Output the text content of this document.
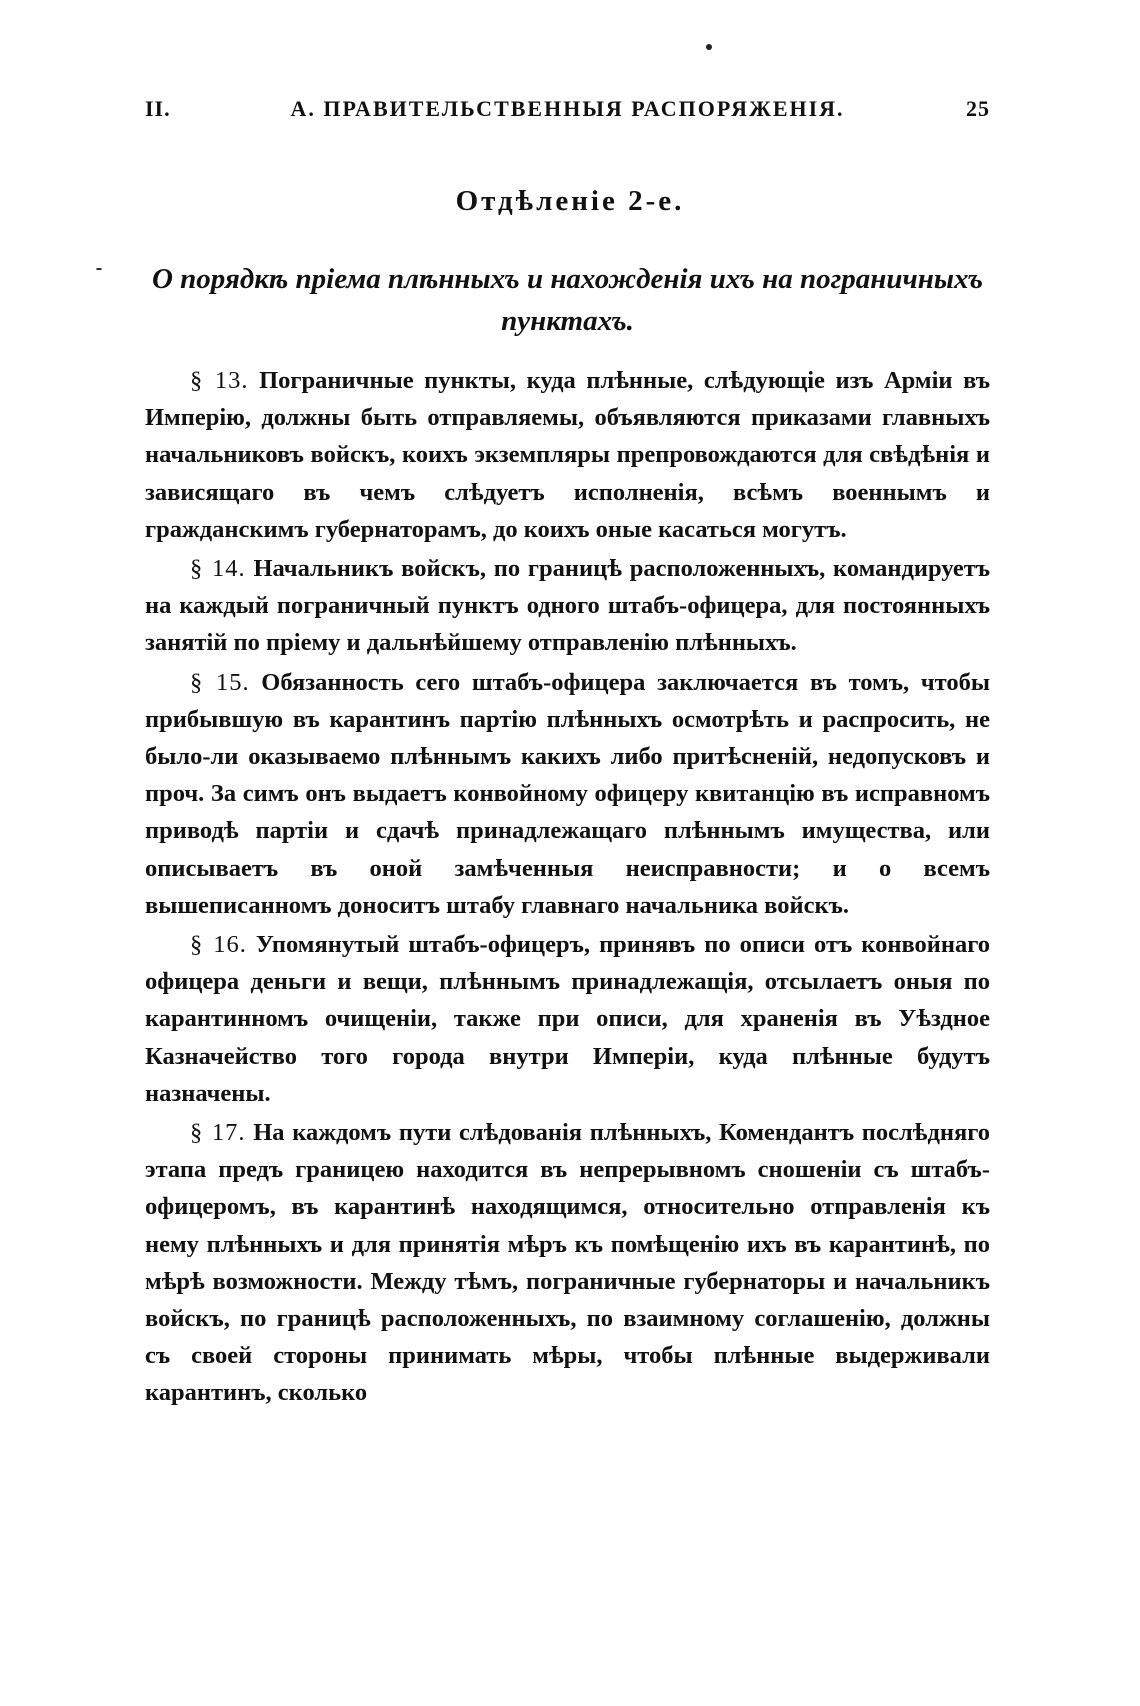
II.	А. ПРАВИТЕЛЬСТВЕННЫЯ РАСПОРЯЖЕНІЯ.	25
Отдѣленіе 2-е.
О порядкѣ пріема плѣнныхъ и нахожденія ихъ на пограничныхъ пунктахъ.

§ 13. Пограничные пункты, куда плѣнные, слѣдующіе изъ Арміи въ Имперію, должны быть отправляемы, объявляются приказами главныхъ начальниковъ войскъ, коихъ экземпляры препровождаются для свѣдѣнія и зависящаго въ чемъ слѣдуетъ исполненія, всѣмъ военнымъ и гражданскимъ губернаторамъ, до коихъ оные касаться могутъ.

§ 14. Начальникъ войскъ, по границѣ расположенныхъ, командируетъ на каждый пограничный пунктъ одного штабъ-офицера, для постоянныхъ занятій по пріему и дальнѣйшему отправленію плѣнныхъ.

§ 15. Обязанность сего штабъ-офицера заключается въ томъ, чтобы прибывшую въ карантинъ партію плѣнныхъ осмотрѣть и распросить, не было-ли оказываемо плѣннымъ какихъ либо притѣсненій, недопусковъ и проч. За симъ онъ выдаетъ конвойному офицеру квитанцію въ исправномъ приводѣ партіи и сдачѣ принадлежащаго плѣннымъ имущества, или описываетъ въ оной замѣченныя неисправности; и о всемъ вышеписанномъ доноситъ штабу главнаго начальника войскъ.

§ 16. Упомянутый штабъ-офицеръ, принявъ по описи отъ конвойнаго офицера деньги и вещи, плѣннымъ принадлежащія, отсылаетъ оныя по карантинномъ очищеніи, также при описи, для храненія въ Уѣздное Казначейство того города внутри Имперіи, куда плѣнные будутъ назначены.

§ 17. На каждомъ пути слѣдованія плѣнныхъ, Комендантъ послѣдняго этапа предъ границею находится въ непрерывномъ сношеніи съ штабъ-офицеромъ, въ карантинѣ находящимся, относительно отправленія къ нему плѣнныхъ и для принятія мѣръ къ помѣщенію ихъ въ карантинѣ, по мѣрѣ возможности. Между тѣмъ, пограничные губернаторы и начальникъ войскъ, по границѣ расположенныхъ, по взаимному соглашенію, должны съ своей стороны принимать мѣры, чтобы плѣнные выдерживали карантинъ, сколько
